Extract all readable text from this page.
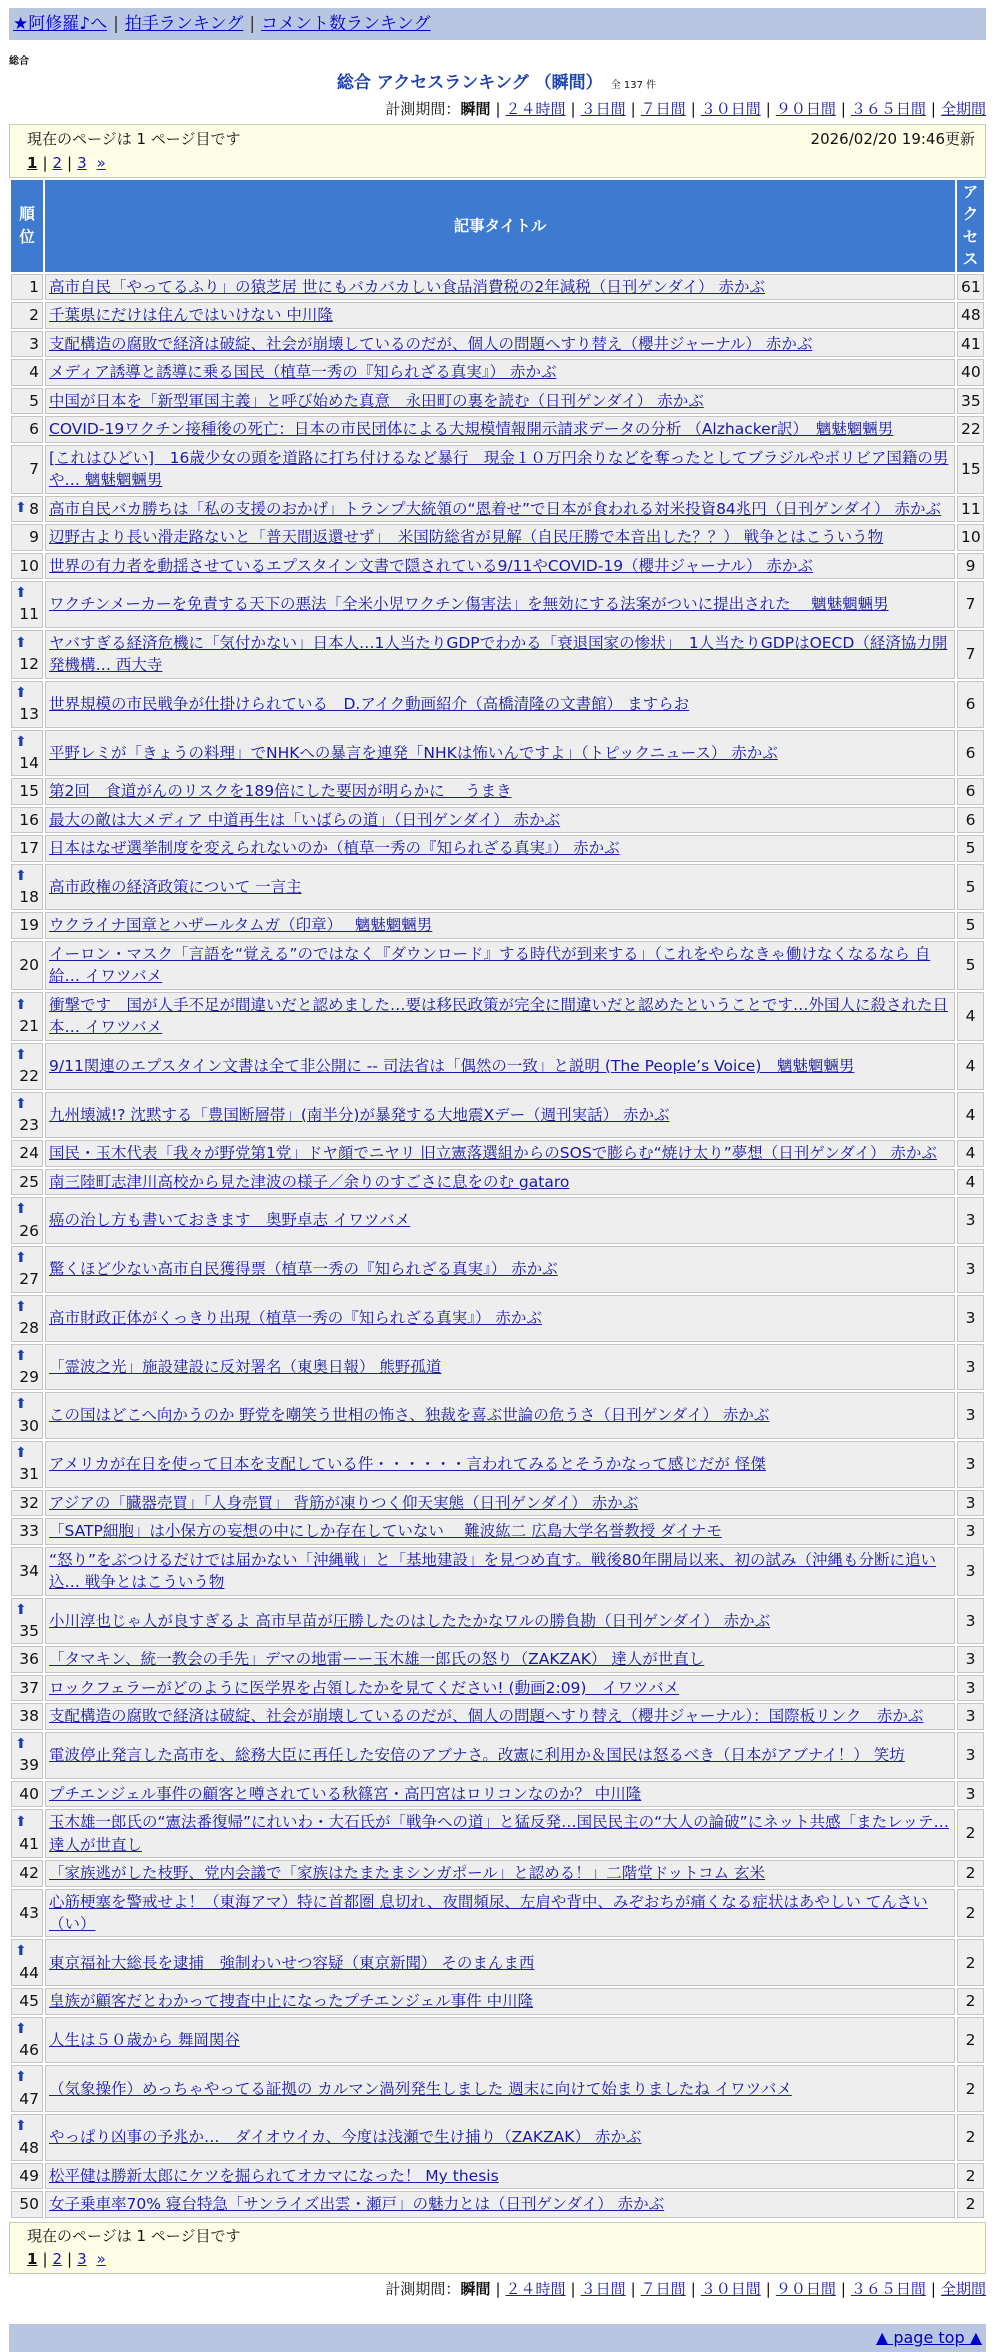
★阿修羅♪へ | 拍手ランキング | コメント数ランキング
総合
総合 アクセスランキング （瞬間） 全 137 件
計測期間：瞬間 | ２４時間 | ３日間 | ７日間 | ３０日間 | ９０日間 | ３６５日間 | 全期間
現在のページは 1 ページ目です	2026/02/20 19:46更新
1 | 2 | 3 »
順位	記事タイトル	アクセス
1	高市自民「やってるふり」の猿芝居 世にもバカバカしい食品消費税の2年減税（日刊ゲンダイ） 赤かぶ	61
2	千葉県にだけは住んではいけない 中川隆	48
3	支配構造の腐敗で経済は破綻、社会が崩壊しているのだが、個人の問題へすり替え（櫻井ジャーナル） 赤かぶ	41
4	メディア誘導と誘導に乗る国民（植草一秀の『知られざる真実』） 赤かぶ	40
5	中国が日本を「新型軍国主義」と呼び始めた真意　永田町の裏を読む（日刊ゲンダイ） 赤かぶ	35
6	COVID-19ワクチン接種後の死亡：日本の市民団体による大規模情報開示請求データの分析 （Alzhacker訳）　魑魅魍魎男	22
7	[これはひどい]　16歳少女の頭を道路に打ち付けるなど暴行　現金１０万円余りなどを奪ったとしてブラジルやボリビア国籍の男や… 魑魅魍魎男	15

⬆ 8	高市自民バカ勝ちは「私の支援のおかげ」トランプ大統領の“恩着せ”で日本が食われる対米投資84兆円（日刊ゲンダイ） 赤かぶ	11
9	辺野古より長い滑走路ないと「普天間返還せず」　米国防総省が見解（自民圧勝で本音出した？？） 戦争とはこういう物	10
10	世界の有力者を動揺させているエプスタイン文書で隠されている9/11やCOVID-19（櫻井ジャーナル） 赤かぶ	9

⬆
11	ワクチンメーカーを免責する天下の悪法「全米小児ワクチン傷害法」を無効にする法案がついに提出された　 魑魅魍魎男	7

⬆
12	ヤバすぎる経済危機に「気付かない」日本人…1人当たりGDPでわかる「衰退国家の惨状」　1人当たりGDPはOECD（経済協力開発機構… 西大寺	7

⬆
13	世界規模の市民戦争が仕掛けられている　D.アイク動画紹介（高橋清隆の文書館） ますらお	6

⬆
14	平野レミが「きょうの料理」でNHKへの暴言を連発「NHKは怖いんですよ」（トピックニュース） 赤かぶ	6
15	第2回　食道がんのリスクを189倍にした要因が明らかに　 うまき	6
16	最大の敵は大メディア 中道再生は「いばらの道」（日刊ゲンダイ） 赤かぶ	6
17	日本はなぜ選挙制度を変えられないのか（植草一秀の『知られざる真実』） 赤かぶ	5

⬆
18	高市政権の経済政策について 一言主	5
19	ウクライナ国章とハザールタムガ（印章）　 魑魅魍魎男	5
20	イーロン・マスク「言語を“覚える”のではなく『ダウンロード』する時代が到来する」（これをやらなきゃ働けなくなるなら 自給… イワツバメ	5

⬆
21	衝撃です　国が人手不足が間違いだと認めました…要は移民政策が完全に間違いだと認めたということです…外国人に殺された日本… イワツバメ	4

⬆
22	9/11関連のエプスタイン文書は全て非公開に -- 司法省は「偶然の一致」と説明 (The People’s Voice)　魑魅魍魎男	4

⬆
23	九州壊滅!? 沈黙する「豊国断層帯」(南半分)が暴発する大地震Xデー（週刊実話） 赤かぶ	4
24	国民・玉木代表「我々が野党第1党」ドヤ顔でニヤリ 旧立憲落選組からのSOSで膨らむ“焼け太り”夢想（日刊ゲンダイ） 赤かぶ	4
25	南三陸町志津川高校から見た津波の様子／余りのすごさに息をのむ gataro	4

⬆
26	癌の治し方も書いておきます　奥野卓志 イワツバメ	3

⬆
27	驚くほど少ない高市自民獲得票（植草一秀の『知られざる真実』） 赤かぶ	3

⬆
28	高市財政正体がくっきり出現（植草一秀の『知られざる真実』） 赤かぶ	3

⬆
29	「霊波之光」施設建設に反対署名（東奥日報） 熊野孤道	3

⬆
30	この国はどこへ向かうのか 野党を嘲笑う世相の怖さ、独裁を喜ぶ世論の危うさ（日刊ゲンダイ） 赤かぶ	3

⬆
31	アメリカが在日を使って日本を支配している件・・・・・・言われてみるとそうかなって感じだが 怪傑	3
32	アジアの「臓器売買」「人身売買」 背筋が凍りつく仰天実態（日刊ゲンダイ） 赤かぶ	3
33	「SATP細胞」は小保方の妄想の中にしか存在していない　 難波紘二 広島大学名誉教授 ダイナモ	3
34	“怒り”をぶつけるだけでは届かない「沖縄戦」と「基地建設」を見つめ直す。戦後80年開局以来、初の試み（沖縄も分断に追い込… 戦争とはこういう物	3

⬆
35	小川淳也じゃ人が良すぎるよ 高市早苗が圧勝したのはしたたかなワルの勝負勘（日刊ゲンダイ） 赤かぶ	3
36	「タマキン、統一教会の手先」デマの地雷ーー玉木雄一郎氏の怒り（ZAKZAK） 達人が世直し	3
37	ロックフェラーがどのように医学界を占領したかを見てください! (動画2:09)　イワツバメ	3
38	支配構造の腐敗で経済は破綻、社会が崩壊しているのだが、個人の問題へすり替え（櫻井ジャーナル）：国際板リンク　赤かぶ	3

⬆
39	電波停止発言した高市を、総務大臣に再任した安倍のアブナさ。改憲に利用か＆国民は怒るべき（日本がアブナイ！） 笑坊	3
40	プチエンジェル事件の顧客と噂されている秋篠宮・高円宮はロリコンなのか？ 中川隆	3

⬆
41	玉木雄一郎氏の“憲法番復帰”にれいわ・大石氏が「戦争への道」と猛反発…国民民主の“大人の論破”にネット共感「またレッテ… 達人が世直し	2
42	「家族逃がした枝野、党内会議で「家族はたまたまシンガポール」と認める！」二階堂ドットコム 玄米	2
43	心筋梗塞を警戒せよ！（東海アマ）特に首都圏 息切れ、夜間頻尿、左肩や背中、みぞおちが痛くなる症状はあやしい てんさい（い）	2

⬆
44	東京福祉大総長を逮捕　強制わいせつ容疑（東京新聞） そのまんま西	2
45	皇族が顧客だとわかって捜査中止になったプチエンジェル事件 中川隆	2

⬆
46	人生は５０歳から 舞岡関谷	2

⬆
47	（気象操作）めっちゃやってる証拠の カルマン渦列発生しました 週末に向けて始まりましたね イワツバメ	2

⬆
48	やっぱり凶事の予兆か…　ダイオウイカ、今度は浅瀬で生け捕り（ZAKZAK） 赤かぶ	2
49	松平健は勝新太郎にケツを掘られてオカマになった！ My thesis	2
50	女子乗車率70% 寝台特急「サンライズ出雲・瀬戸」の魅力とは（日刊ゲンダイ） 赤かぶ	2
現在のページは 1 ページ目です
1 | 2 | 3 »
計測期間：瞬間 | ２４時間 | ３日間 | ７日間 | ３０日間 | ９０日間 | ３６５日間 | 全期間
▲ page top ▲
